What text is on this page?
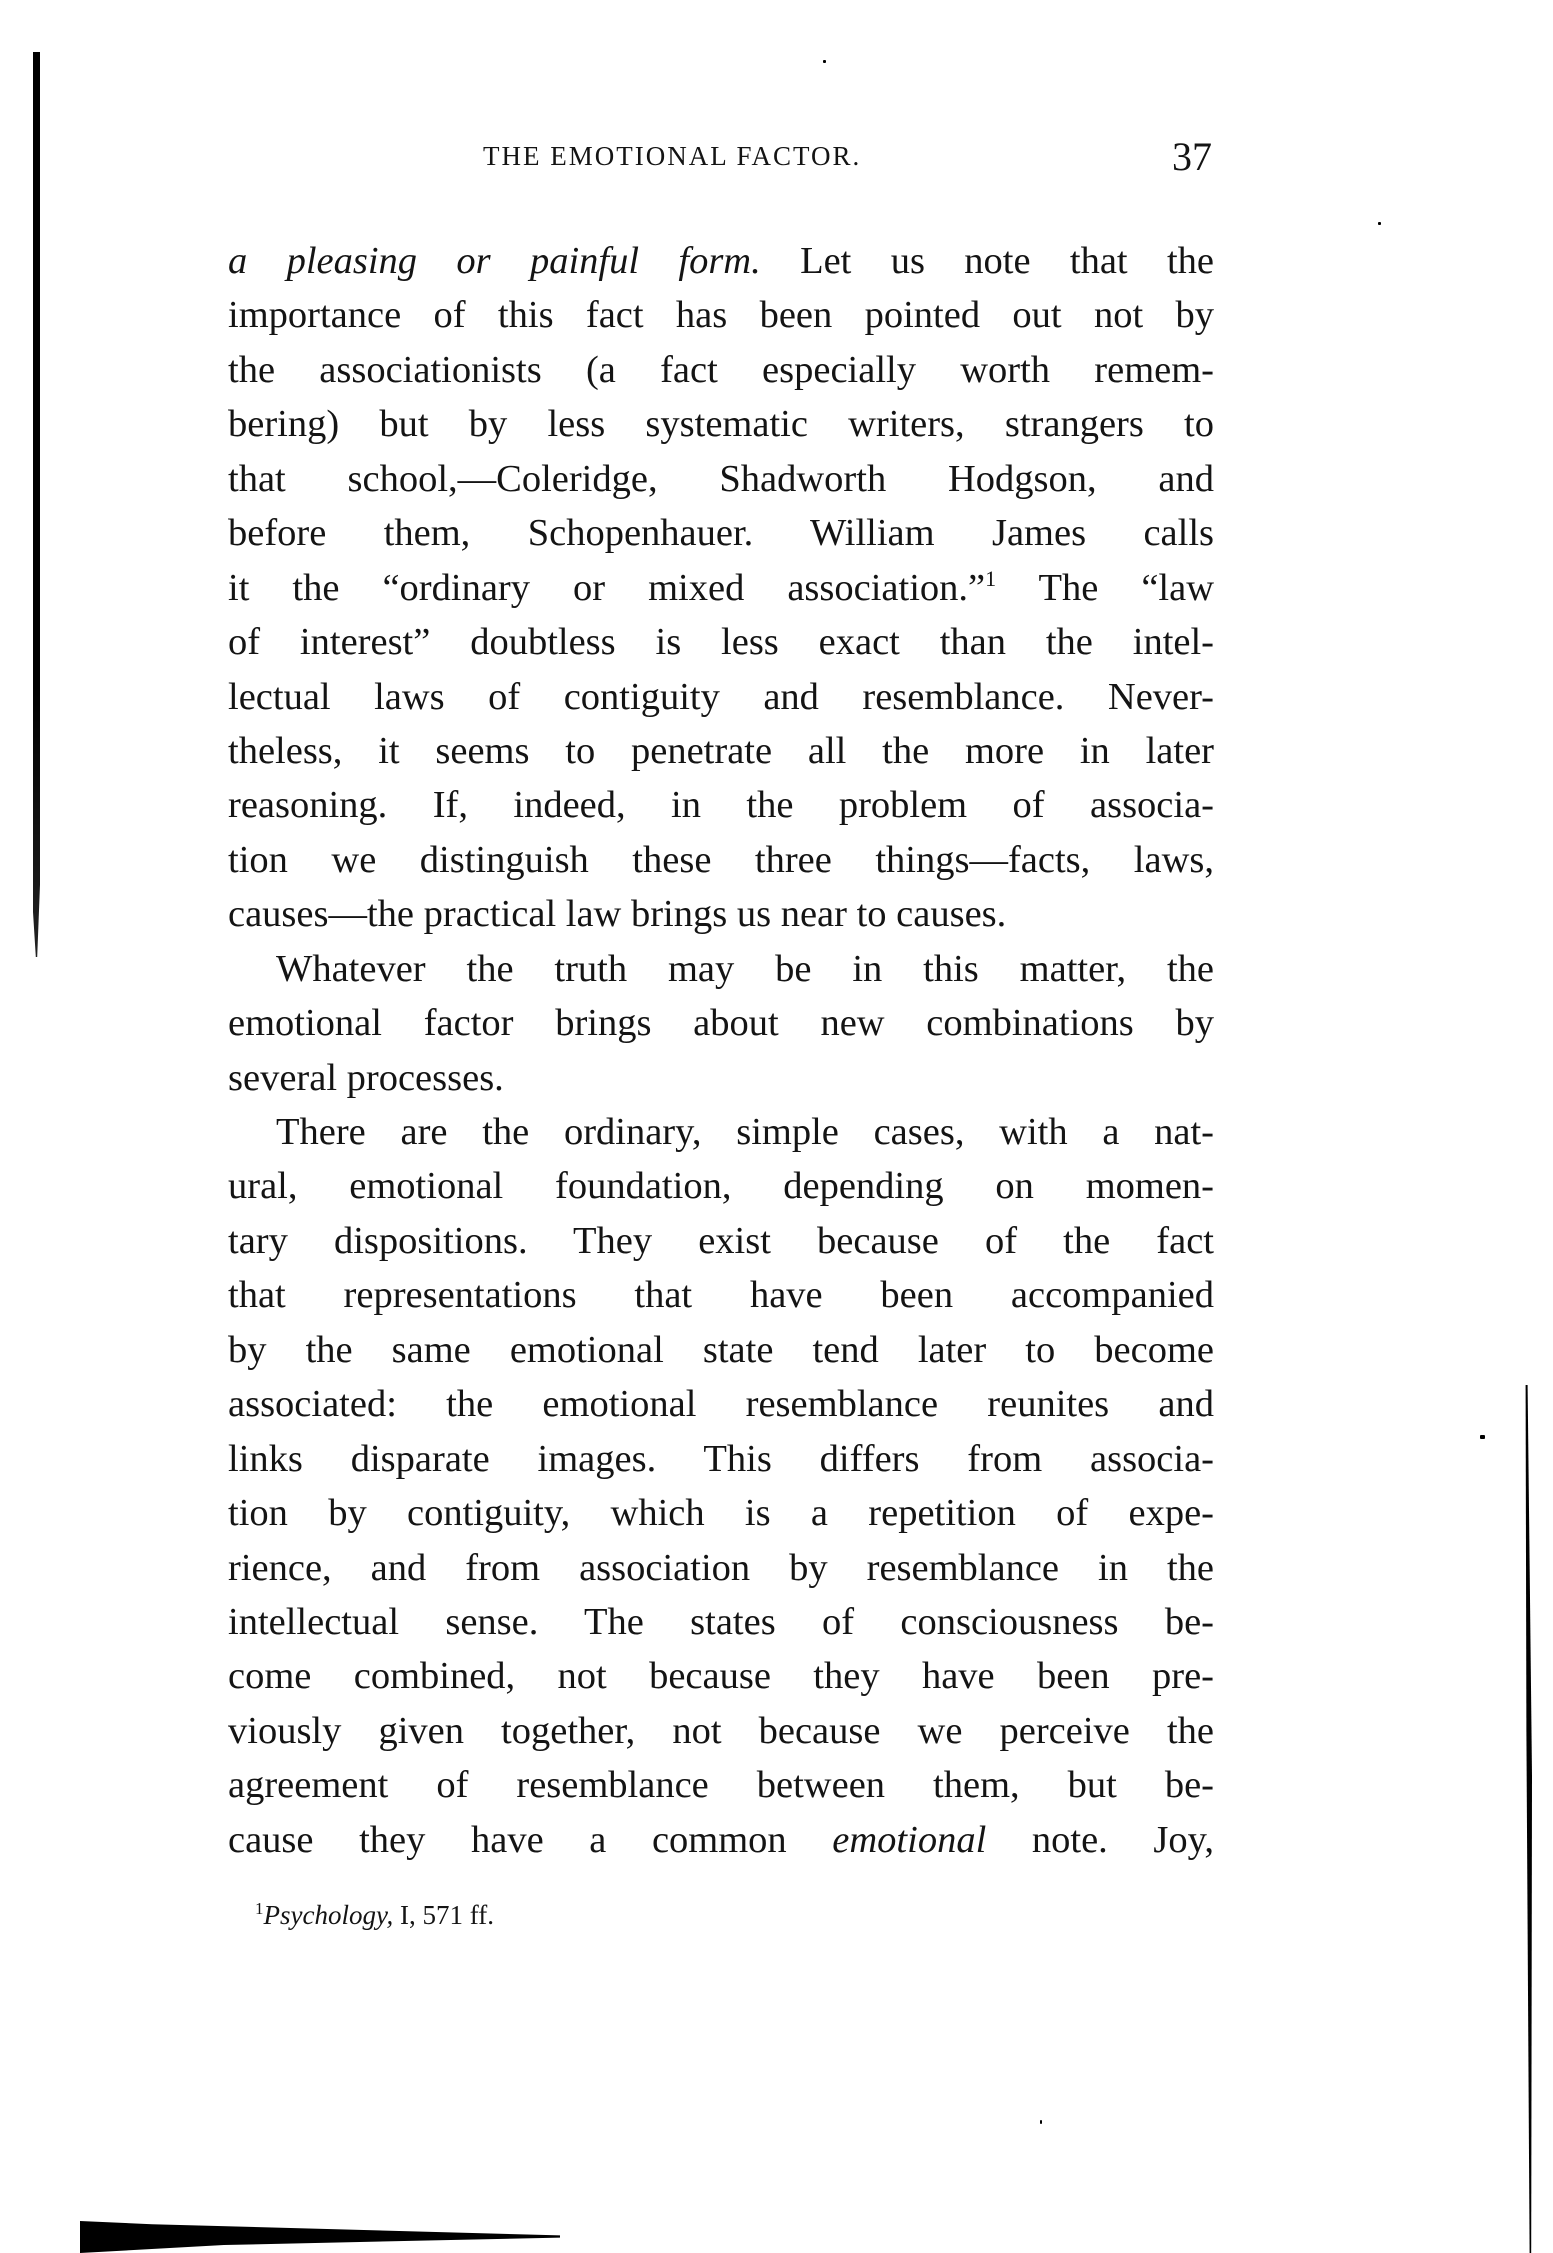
THE EMOTIONAL FACTOR.	37
a pleasing or painful form. Let us note that the
importance of this fact has been pointed out not by
the associationists (a fact especially worth remem-
bering) but by less systematic writers, strangers to
that school,—Coleridge, Shadworth Hodgson, and
before them, Schopenhauer. William James calls
it the “ordinary or mixed association.”$^1$ The “law
of interest” doubtless is less exact than the intel-
lectual laws of contiguity and resemblance. Never-
theless, it seems to penetrate all the more in later
reasoning. If, indeed, in the problem of associa-
tion we distinguish these three things—facts, laws,
causes—the practical law brings us near to causes.
Whatever the truth may be in this matter, the
emotional factor brings about new combinations by
several processes.
There are the ordinary, simple cases, with a nat-
ural, emotional foundation, depending on momen-
tary dispositions. They exist because of the fact
that representations that have been accompanied
by the same emotional state tend later to become
associated: the emotional resemblance reunites and
links disparate images. This differs from associa-
tion by contiguity, which is a repetition of expe-
rience, and from association by resemblance in the
intellectual sense. The states of consciousness be-
come combined, not because they have been pre-
viously given together, not because we perceive the
agreement of resemblance between them, but be-
cause they have a common emotional note. Joy,
$^1$Psychology, I, 571 ff.
